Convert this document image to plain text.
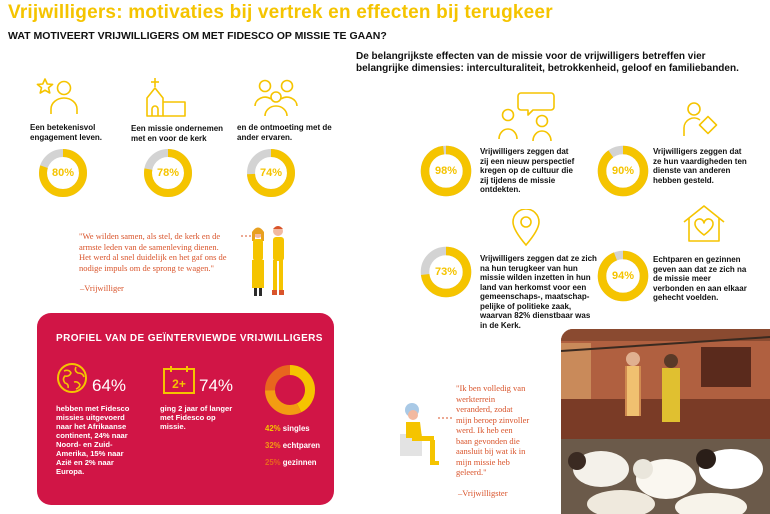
Vrijwilligers: motivaties bij vertrek en effecten bij terugkeer
WAT MOTIVEERT VRIJWILLIGERS OM MET FIDESCO OP MISSIE TE GAAN?
Een betekenisvol
engagement leven.
Een missie ondernemen
met en voor de kerk
en de ontmoeting met de
ander ervaren.
80%	78%	74%
"We wilden samen, als stel, de kerk en de
armste leden van de samenleving dienen.
Het werd al snel duidelijk en het gaf ons de
nodige impuls om de sprong te wagen."
–Vrijwilliger
De belangrijkste effecten van de missie voor de vrijwilligers betreffen vier
belangrijke dimensies: interculturaliteit, betrokkenheid, geloof en familiebanden.
98%	90%
73%	94%
Vrijwilligers zeggen dat
zij een nieuw perspectief
kregen op de cultuur die
zij tijdens de missie
ontdekten.
Vrijwilligers zeggen dat
ze hun vaardigheden ten
dienste van anderen
hebben gesteld.
Vrijwilligers zeggen dat ze zich
na hun terugkeer van hun
missie wilden inzetten in hun
land van herkomst voor een
gemeenschaps-, maatschap-
pelijke of politieke zaak,
waarvan 82% dienstbaar was
in de Kerk.
Echtparen en gezinnen
geven aan dat ze zich na
de missie meer
verbonden en aan elkaar
gehecht voelden.
PROFIEL VAN DE GEÏNTERVIEWDE VRIJWILLIGERS
64%
hebben met Fidesco
missies uitgevoerd
naar het Afrikaanse
continent, 24% naar
Noord- en Zuid-
Amerika, 15% naar
Azië en 2% naar
Europa.
2+ 74%
ging 2 jaar of langer
met Fidesco op
missie.	42% singles
32% echtparen
25% gezinnen
"Ik ben volledig van
werkterrein
veranderd, zodat
mijn beroep zinvoller
werd. Ik heb een
baan gevonden die
aansluit bij wat ik in
mijn missie heb
geleerd."
–Vrijwilligster
